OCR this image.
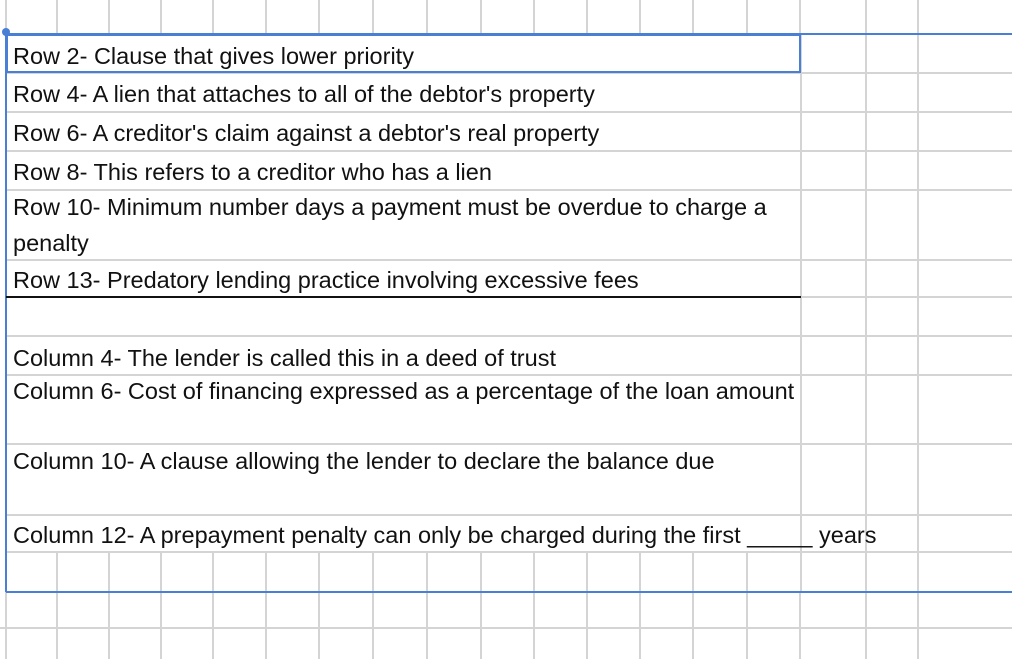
Row 2- Clause that gives lower priority

Row 4- A lien that attaches to all of the debtor's property

Row 6- A creditor's claim against a debtor's real property

Row 8- This refers to a creditor who has a lien

Row 10- Minimum number days a payment must be overdue to charge a penalty

Row 13- Predatory lending practice involving excessive fees

Column 4- The lender is called this in a deed of trust

Column 6- Cost of financing expressed as a percentage of the loan amount

Column 10- A clause allowing the lender to declare the balance due

Column 12- A prepayment penalty can only be charged during the first _____ years
